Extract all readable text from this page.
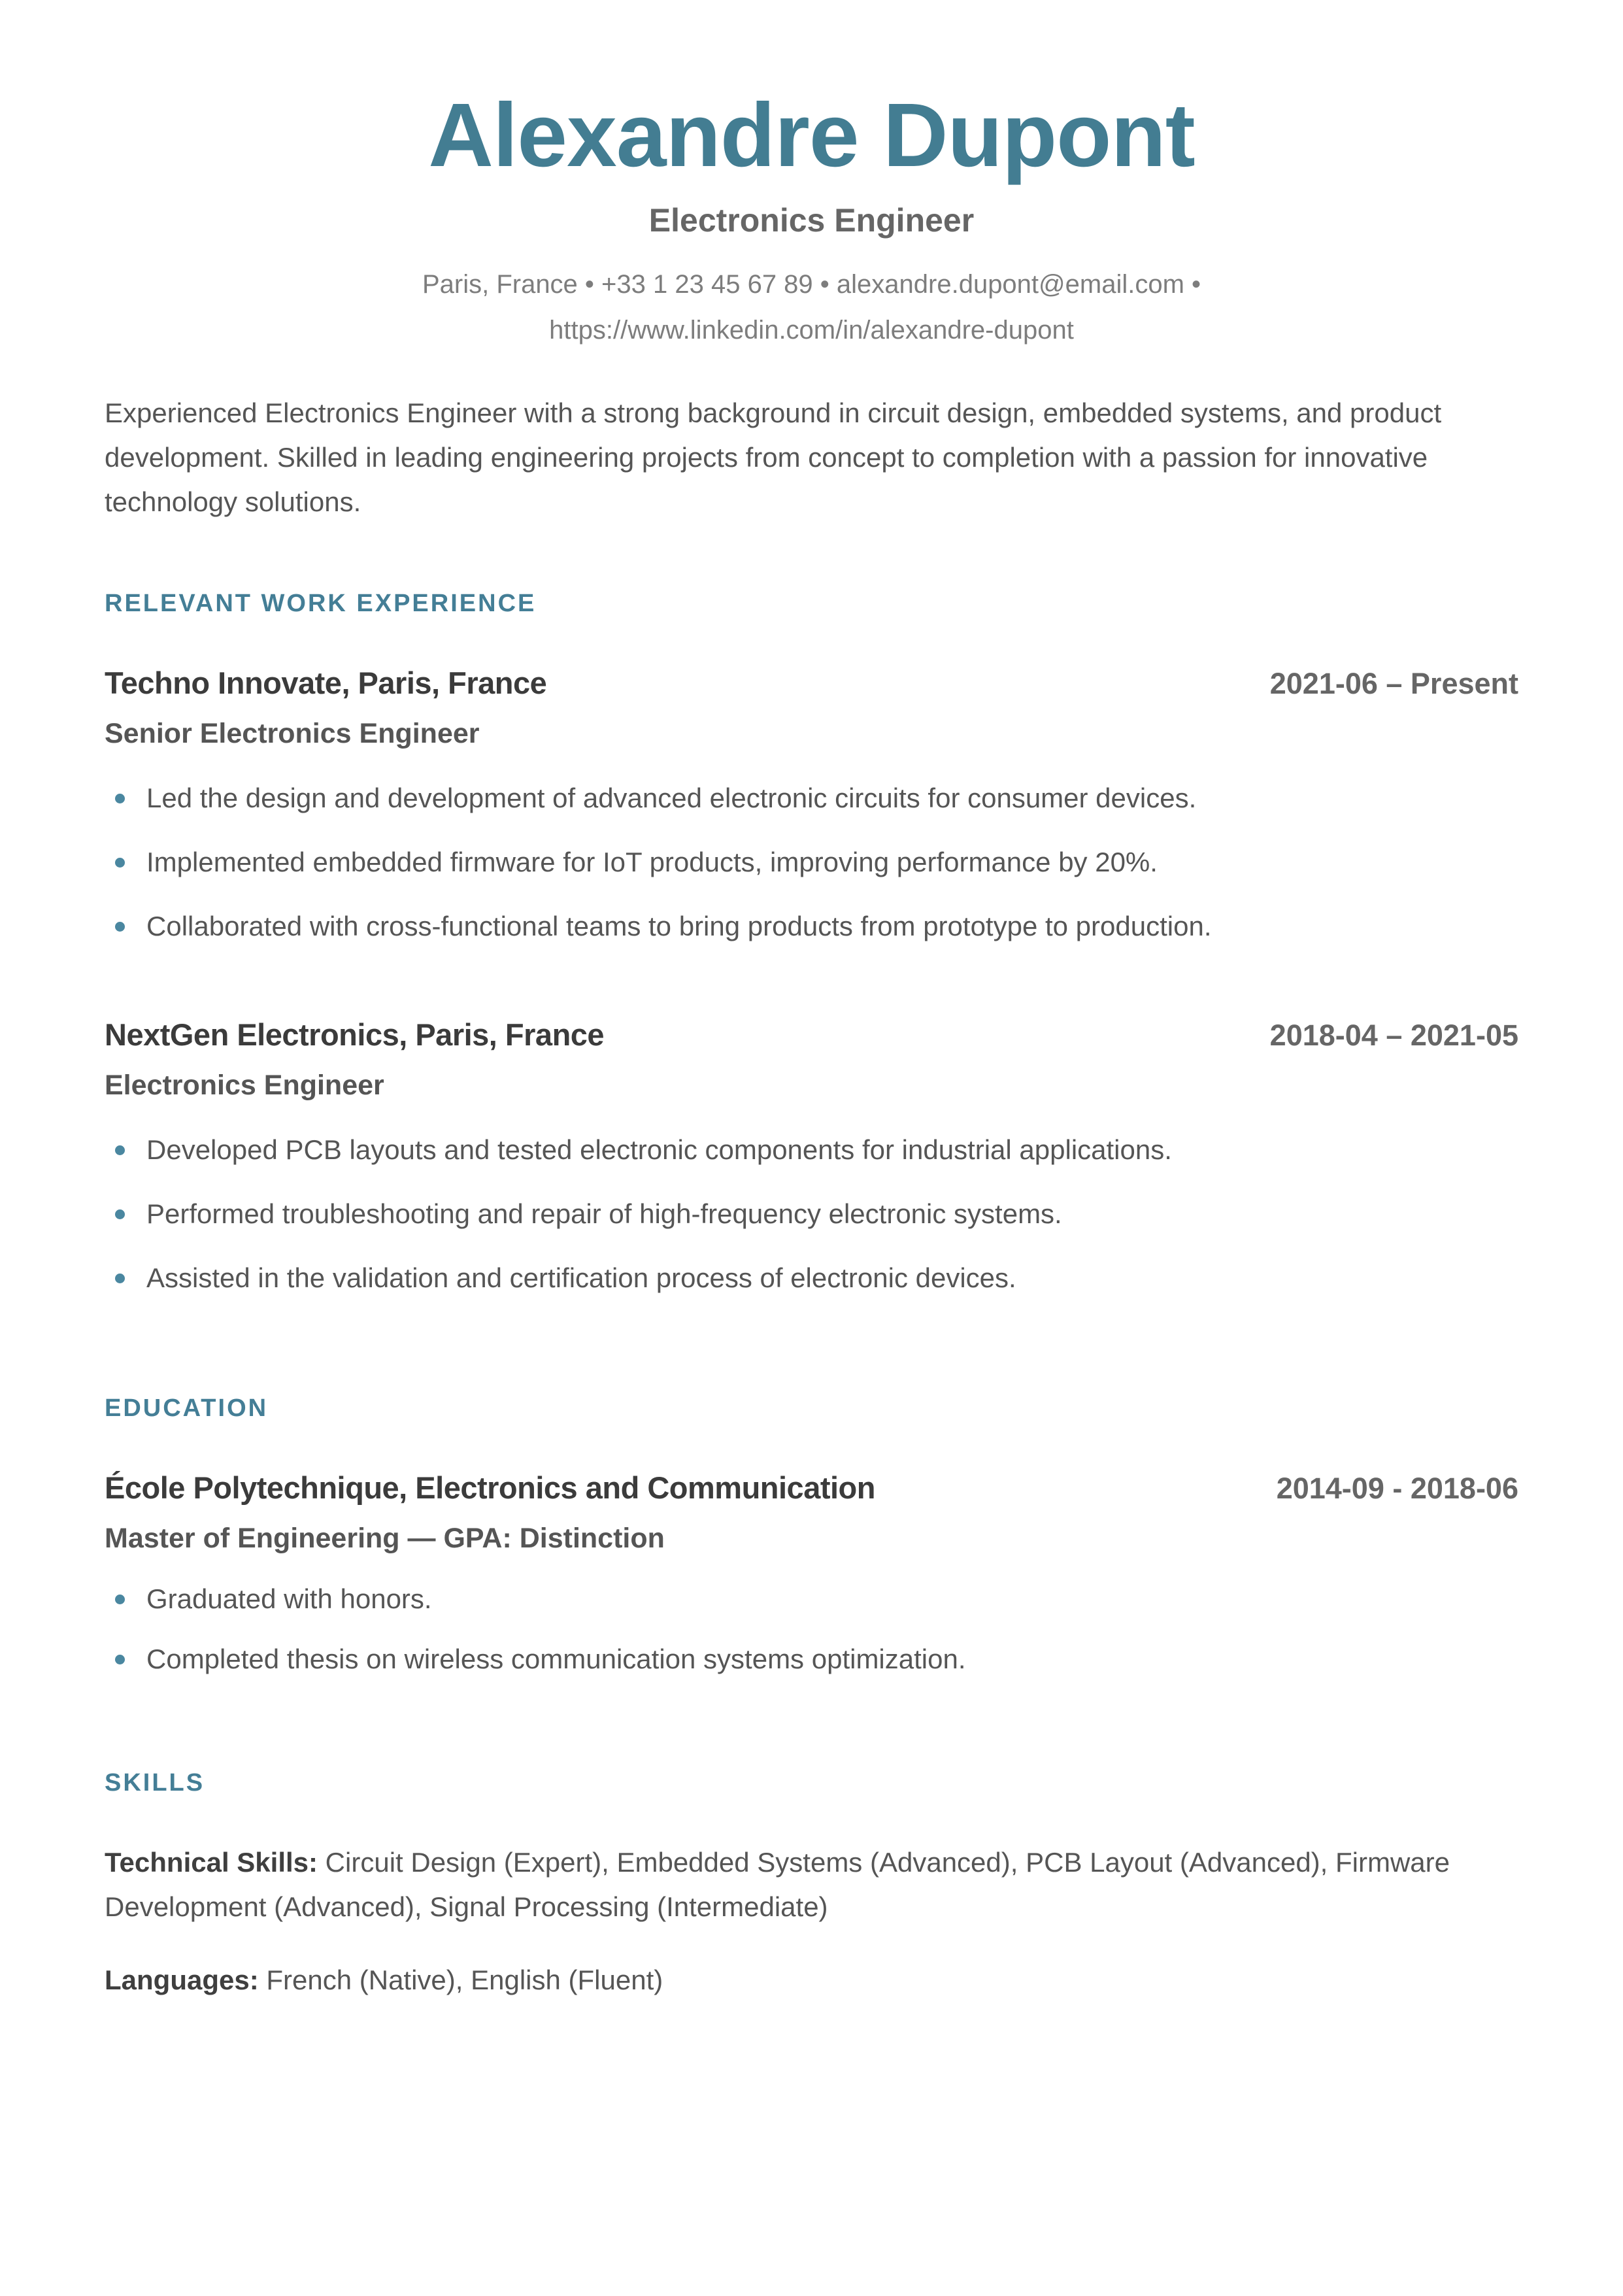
Alexandre Dupont
Electronics Engineer
Paris, France • +33 1 23 45 67 89 • alexandre.dupont@email.com •
https://www.linkedin.com/in/alexandre-dupont

Experienced Electronics Engineer with a strong background in circuit design, embedded systems, and product development. Skilled in leading engineering projects from concept to completion with a passion for innovative technology solutions.

RELEVANT WORK EXPERIENCE
Techno Innovate, Paris, France	2021-06 – Present
Senior Electronics Engineer
Led the design and development of advanced electronic circuits for consumer devices.
Implemented embedded firmware for IoT products, improving performance by 20%.
Collaborated with cross-functional teams to bring products from prototype to production.
NextGen Electronics, Paris, France	2018-04 – 2021-05
Electronics Engineer
Developed PCB layouts and tested electronic components for industrial applications.
Performed troubleshooting and repair of high-frequency electronic systems.
Assisted in the validation and certification process of electronic devices.
EDUCATION
École Polytechnique, Electronics and Communication	2014-09 - 2018-06
Master of Engineering — GPA: Distinction
Graduated with honors.
Completed thesis on wireless communication systems optimization.
SKILLS

Technical Skills: Circuit Design (Expert), Embedded Systems (Advanced), PCB Layout (Advanced), Firmware Development (Advanced), Signal Processing (Intermediate)

Languages: French (Native), English (Fluent)
